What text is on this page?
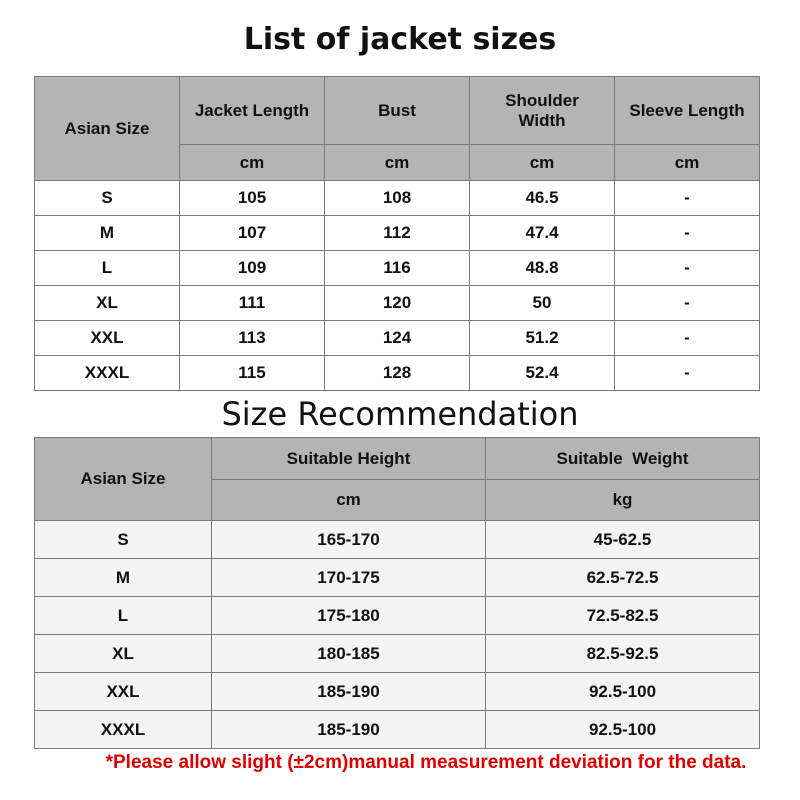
List of jacket sizes
Asian Size	Jacket Length	Bust	Shoulder Width	Sleeve Length
	cm	cm	cm	cm
S	105	108	46.5	-
M	107	112	47.4	-
L	109	116	48.8	-
XL	111	120	50	-
XXL	113	124	51.2	-
XXXL	115	128	52.4	-
Size Recommendation
Asian Size	Suitable Height	Suitable  Weight
	cm	kg
S	165-170	45-62.5
M	170-175	62.5-72.5
L	175-180	72.5-82.5
XL	180-185	82.5-92.5
XXL	185-190	92.5-100
XXXL	185-190	92.5-100
*Please allow slight (±2cm)manual measurement deviation for the data.
